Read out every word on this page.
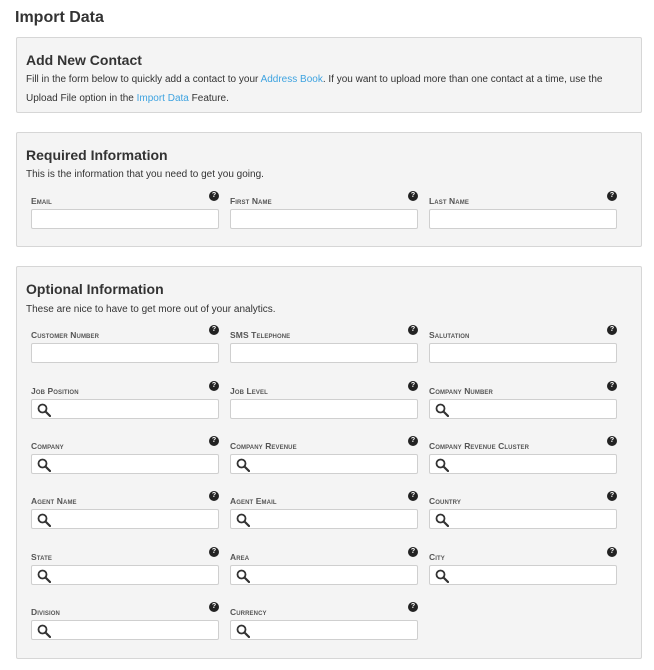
Import Data
Add New Contact

Fill in the form below to quickly add a contact to your Address Book. If you want to upload more than one contact at a time, use the Upload File option in the Import Data Feature.

Required Information

This is the information that you need to get you going.

Email
?
First Name
?
Last Name
?
Optional Information

These are nice to have to get more out of your analytics.

Customer Number
?
SMS Telephone
?
Salutation
?
Job Position
?
Job Level
?
Company Number
?
Company
?
Company Revenue
?
Company Revenue Cluster
?
Agent Name
?
Agent Email
?
Country
?
State
?
Area
?
City
?
Division
?
Currency
?
